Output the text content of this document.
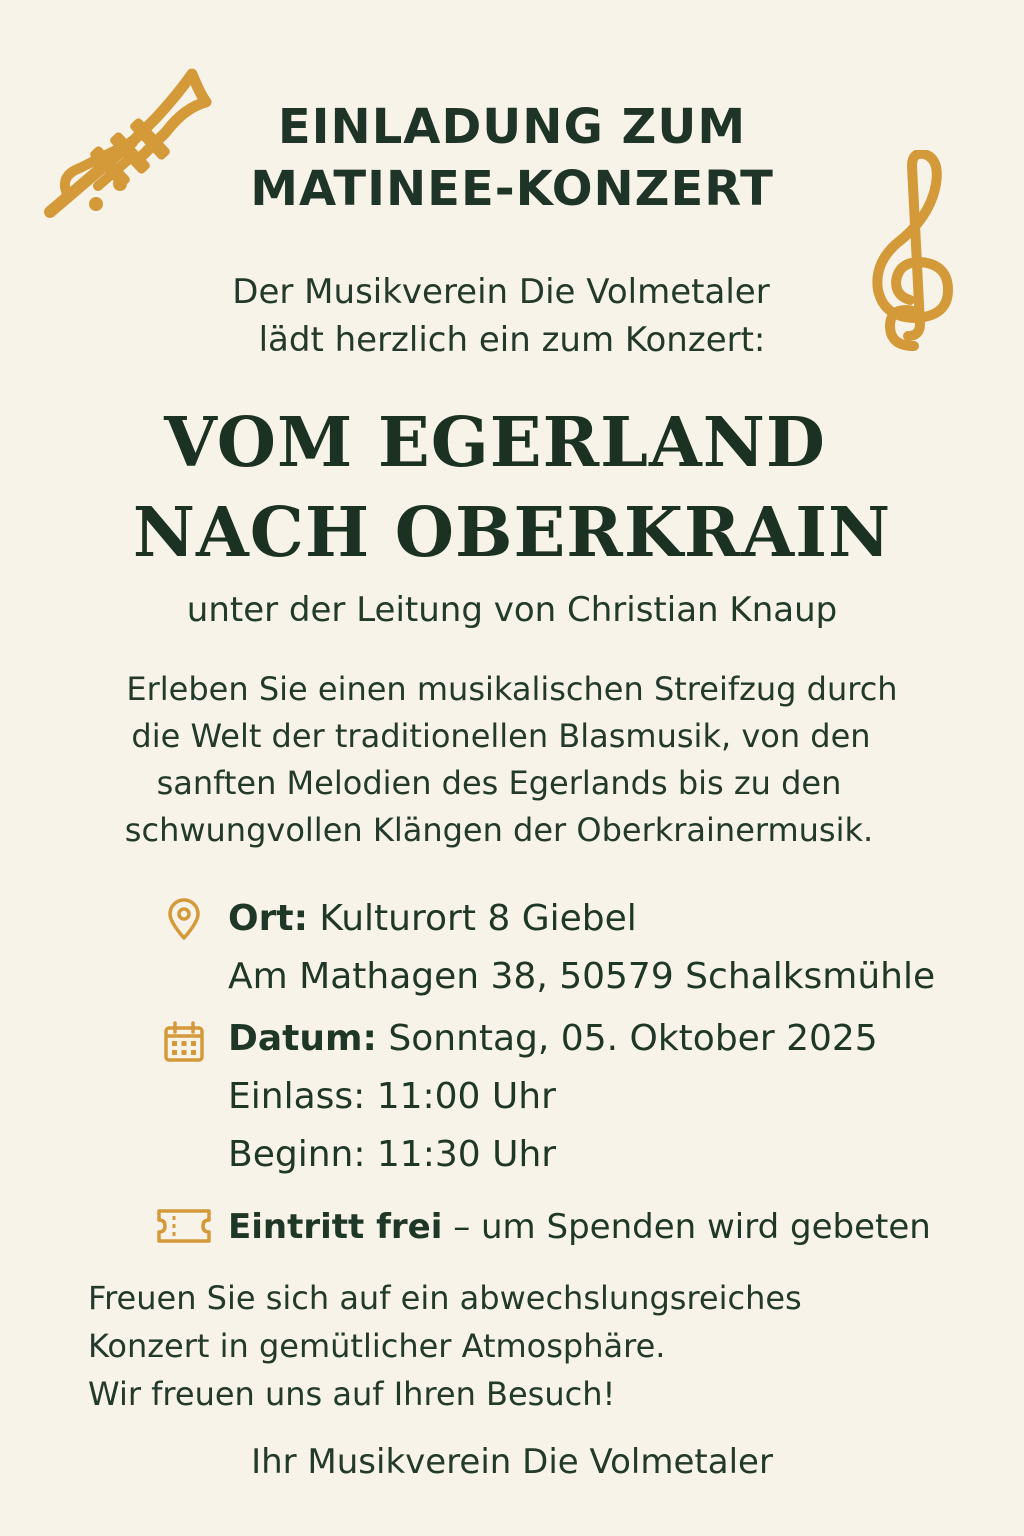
EINLADUNG ZUM
MATINEE-KONZERT
Der Musikverein Die Volmetaler
lädt herzlich ein zum Konzert:
VOM EGERLAND
NACH OBERKRAIN
unter der Leitung von Christian Knaup
Erleben Sie einen musikalischen Streifzug durch
die Welt der traditionellen Blasmusik, von den
sanften Melodien des Egerlands bis zu den
schwungvollen Klängen der Oberkrainermusik.
Ort: Kulturort 8 Giebel
Am Mathagen 38, 50579 Schalksmühle
Datum: Sonntag, 05. Oktober 2025
Einlass: 11:00 Uhr
Beginn: 11:30 Uhr
Eintritt frei – um Spenden wird gebeten
Freuen Sie sich auf ein abwechslungsreiches
Konzert in gemütlicher Atmosphäre.
Wir freuen uns auf Ihren Besuch!
Ihr Musikverein Die Volmetaler
